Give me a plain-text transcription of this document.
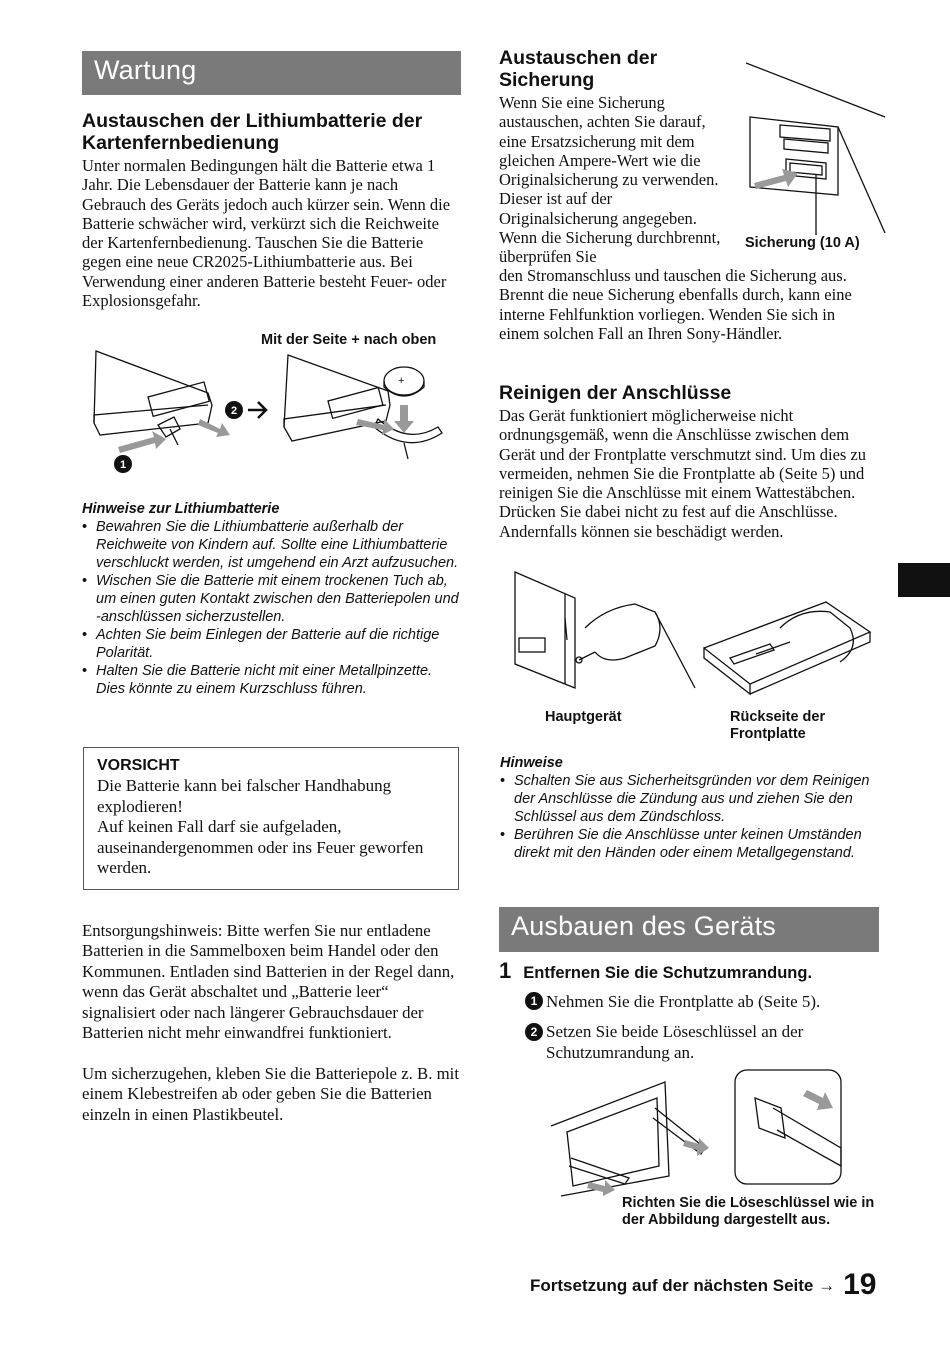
Wartung
Austauschen der Lithiumbatterie der Kartenfernbedienung

Unter normalen Bedingungen hält die Batterie etwa 1 Jahr. Die Lebensdauer der Batterie kann je nach Gebrauch des Geräts jedoch auch kürzer sein. Wenn die Batterie schwächer wird, verkürzt sich die Reichweite der Kartenfernbedienung. Tauschen Sie die Batterie gegen eine neue CR2025-Lithiumbatterie aus. Bei Verwendung einer anderen Batterie besteht Feuer- oder Explosionsgefahr.

Mit der Seite + nach oben
+
1
2
Hinweise zur Lithiumbatterie
• Bewahren Sie die Lithiumbatterie außerhalb der Reichweite von Kindern auf. Sollte eine Lithiumbatterie verschluckt werden, ist umgehend ein Arzt aufzusuchen.
• Wischen Sie die Batterie mit einem trockenen Tuch ab, um einen guten Kontakt zwischen den Batteriepolen und -anschlüssen sicherzustellen.
• Achten Sie beim Einlegen der Batterie auf die richtige Polarität.
• Halten Sie die Batterie nicht mit einer Metallpinzette. Dies könnte zu einem Kurzschluss führen.
VORSICHT
Die Batterie kann bei falscher Handhabung explodieren!
Auf keinen Fall darf sie aufgeladen, auseinandergenommen oder ins Feuer geworfen werden.

Entsorgungshinweis: Bitte werfen Sie nur entladene Batterien in die Sammelboxen beim Handel oder den Kommunen. Entladen sind Batterien in der Regel dann, wenn das Gerät abschaltet und „Batterie leer“ signalisiert oder nach längerer Gebrauchsdauer der Batterien nicht mehr einwandfrei funktioniert.

Um sicherzugehen, kleben Sie die Batteriepole z. B. mit einem Klebestreifen ab oder geben Sie die Batterien einzeln in einen Plastikbeutel.

Austauschen der Sicherung

Wenn Sie eine Sicherung austauschen, achten Sie darauf, eine Ersatzsicherung mit dem gleichen Ampere-Wert wie die Originalsicherung zu verwenden. Dieser ist auf der Originalsicherung angegeben. Wenn die Sicherung durchbrennt, überprüfen Sie

den Stromanschluss und tauschen die Sicherung aus. Brennt die neue Sicherung ebenfalls durch, kann eine interne Fehlfunktion vorliegen. Wenden Sie sich in einem solchen Fall an Ihren Sony-Händler.

Sicherung (10 A)
Reinigen der Anschlüsse

Das Gerät funktioniert möglicherweise nicht ordnungsgemäß, wenn die Anschlüsse zwischen dem Gerät und der Frontplatte verschmutzt sind. Um dies zu vermeiden, nehmen Sie die Frontplatte ab (Seite 5) und reinigen Sie die Anschlüsse mit einem Wattestäbchen. Drücken Sie dabei nicht zu fest auf die Anschlüsse. Andernfalls können sie beschädigt werden.

Hauptgerät	Rückseite der Frontplatte
Hinweise
• Schalten Sie aus Sicherheitsgründen vor dem Reinigen der Anschlüsse die Zündung aus und ziehen Sie den Schlüssel aus dem Zündschloss.
• Berühren Sie die Anschlüsse unter keinen Umständen direkt mit den Händen oder einem Metallgegenstand.
Ausbauen des Geräts
1 Entfernen Sie die Schutzumrandung.
1 Nehmen Sie die Frontplatte ab (Seite 5).
2 Setzen Sie beide Löseschlüssel an der Schutzumrandung an.
Richten Sie die Löseschlüssel wie in der Abbildung dargestellt aus.
Fortsetzung auf der nächsten Seite → 19
